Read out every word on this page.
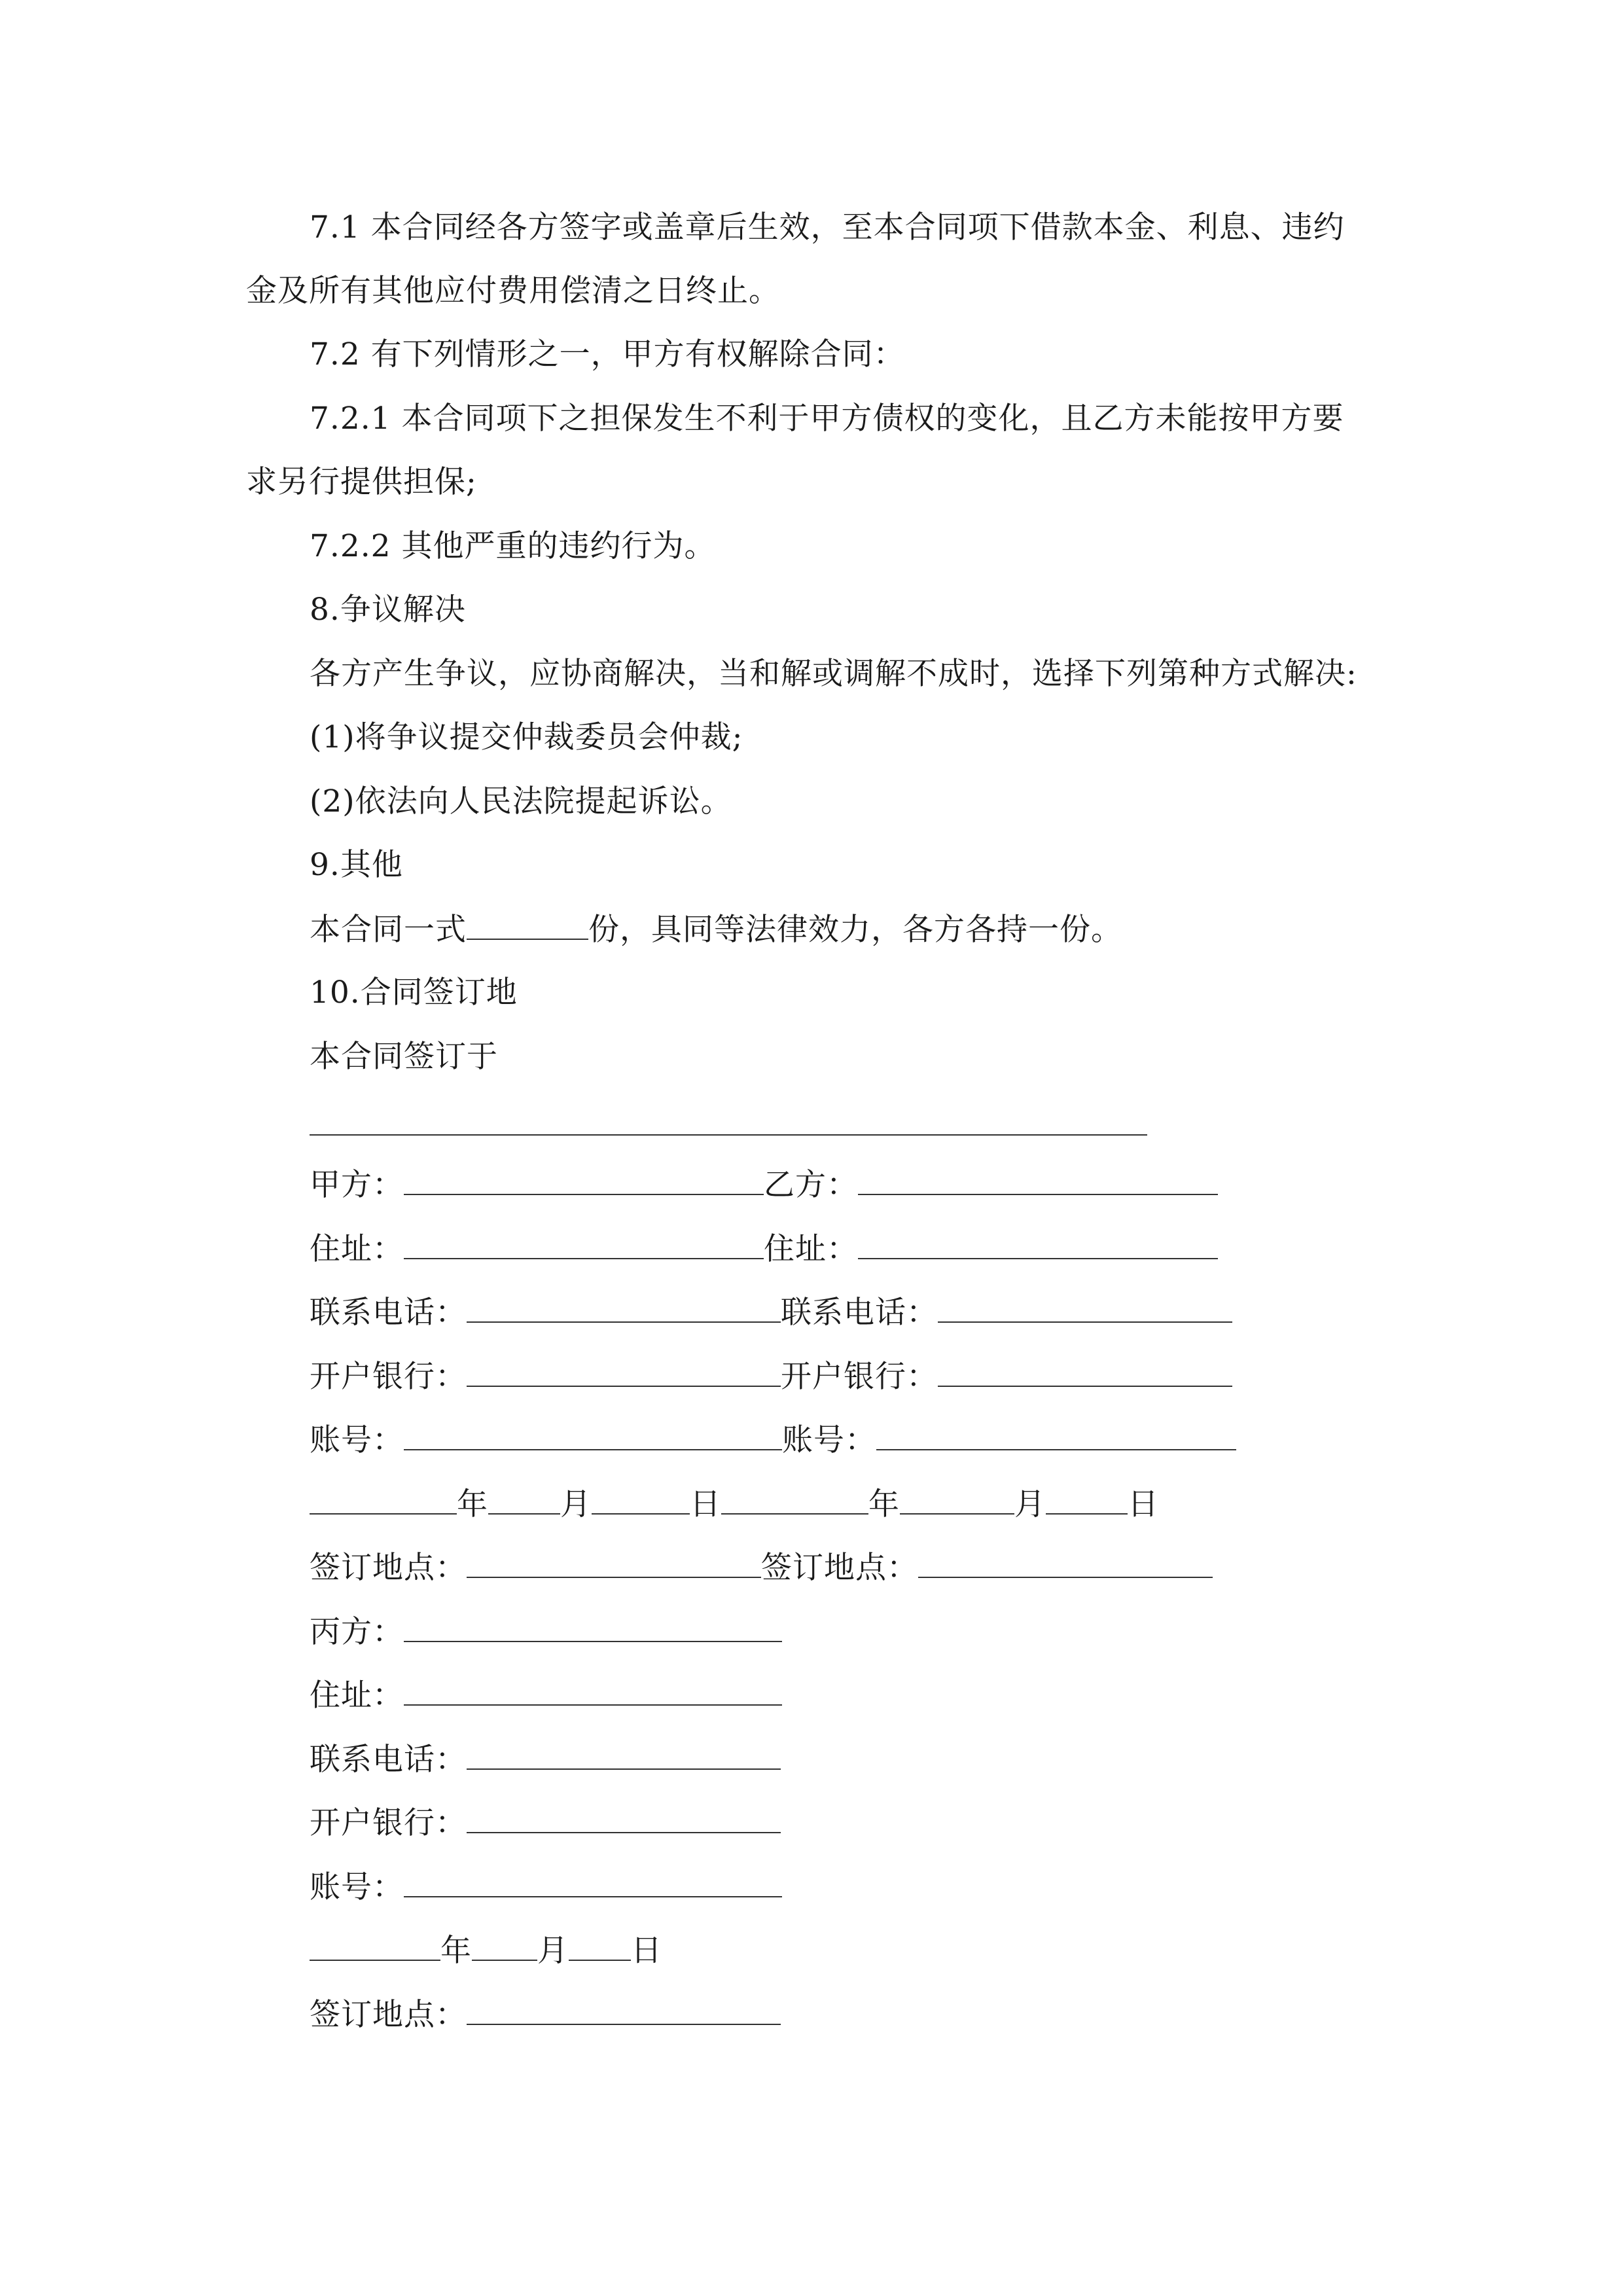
7.1 本合同经各方签字或盖章后生效，至本合同项下借款本金、利息、违约
金及所有其他应付费用偿清之日终止。
7.2 有下列情形之一，甲方有权解除合同：
7.2.1 本合同项下之担保发生不利于甲方债权的变化，且乙方未能按甲方要
求另行提供担保;
7.2.2 其他严重的违约行为。
8.争议解决
各方产生争议，应协商解决，当和解或调解不成时，选择下列第种方式解决:
(1)将争议提交仲裁委员会仲裁;
(2)依法向人民法院提起诉讼。
9.其他
本合同一式	份，具同等法律效力，各方各持一份。
10.合同签订地
本合同签订于
甲方：	乙方：
住址：	住址：
联系电话：	联系电话：
开户银行：	开户银行：
账号：	账号：
年 月	日	年	月	日
签订地点：	签订地点：
丙方：
住址：
联系电话：
开户银行：
账号：
年 月 日
签订地点：
